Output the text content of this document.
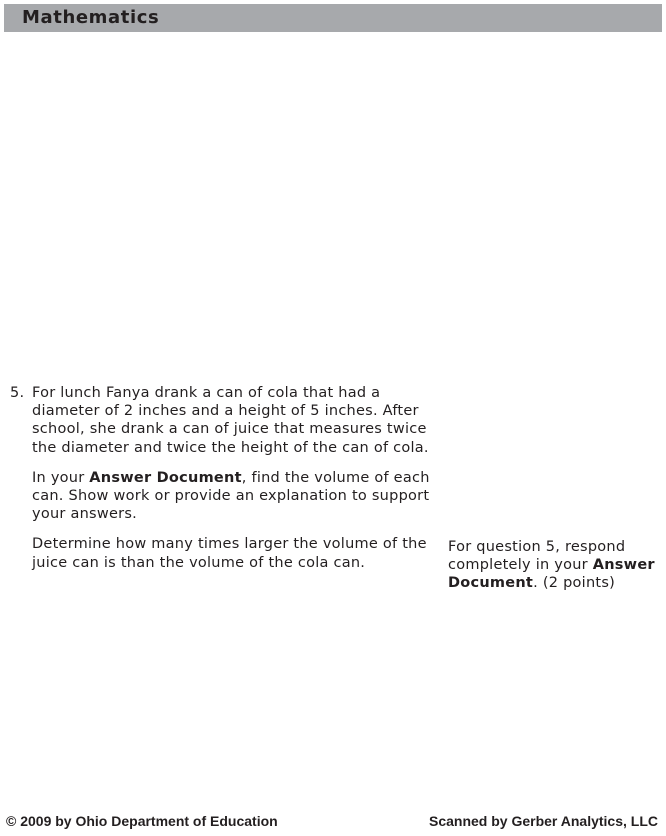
Mathematics
5. For lunch Fanya drank a can of cola that had a diameter of 2 inches and a height of 5 inches. After school, she drank a can of juice that measures twice the diameter and twice the height of the can of cola.

In your Answer Document, find the volume of each can. Show work or provide an explanation to support your answers.

Determine how many times larger the volume of the juice can is than the volume of the cola can.

For question 5, respond completely in your Answer Document. (2 points)
© 2009 by Ohio Department of Education	Scanned by Gerber Analytics, LLC
